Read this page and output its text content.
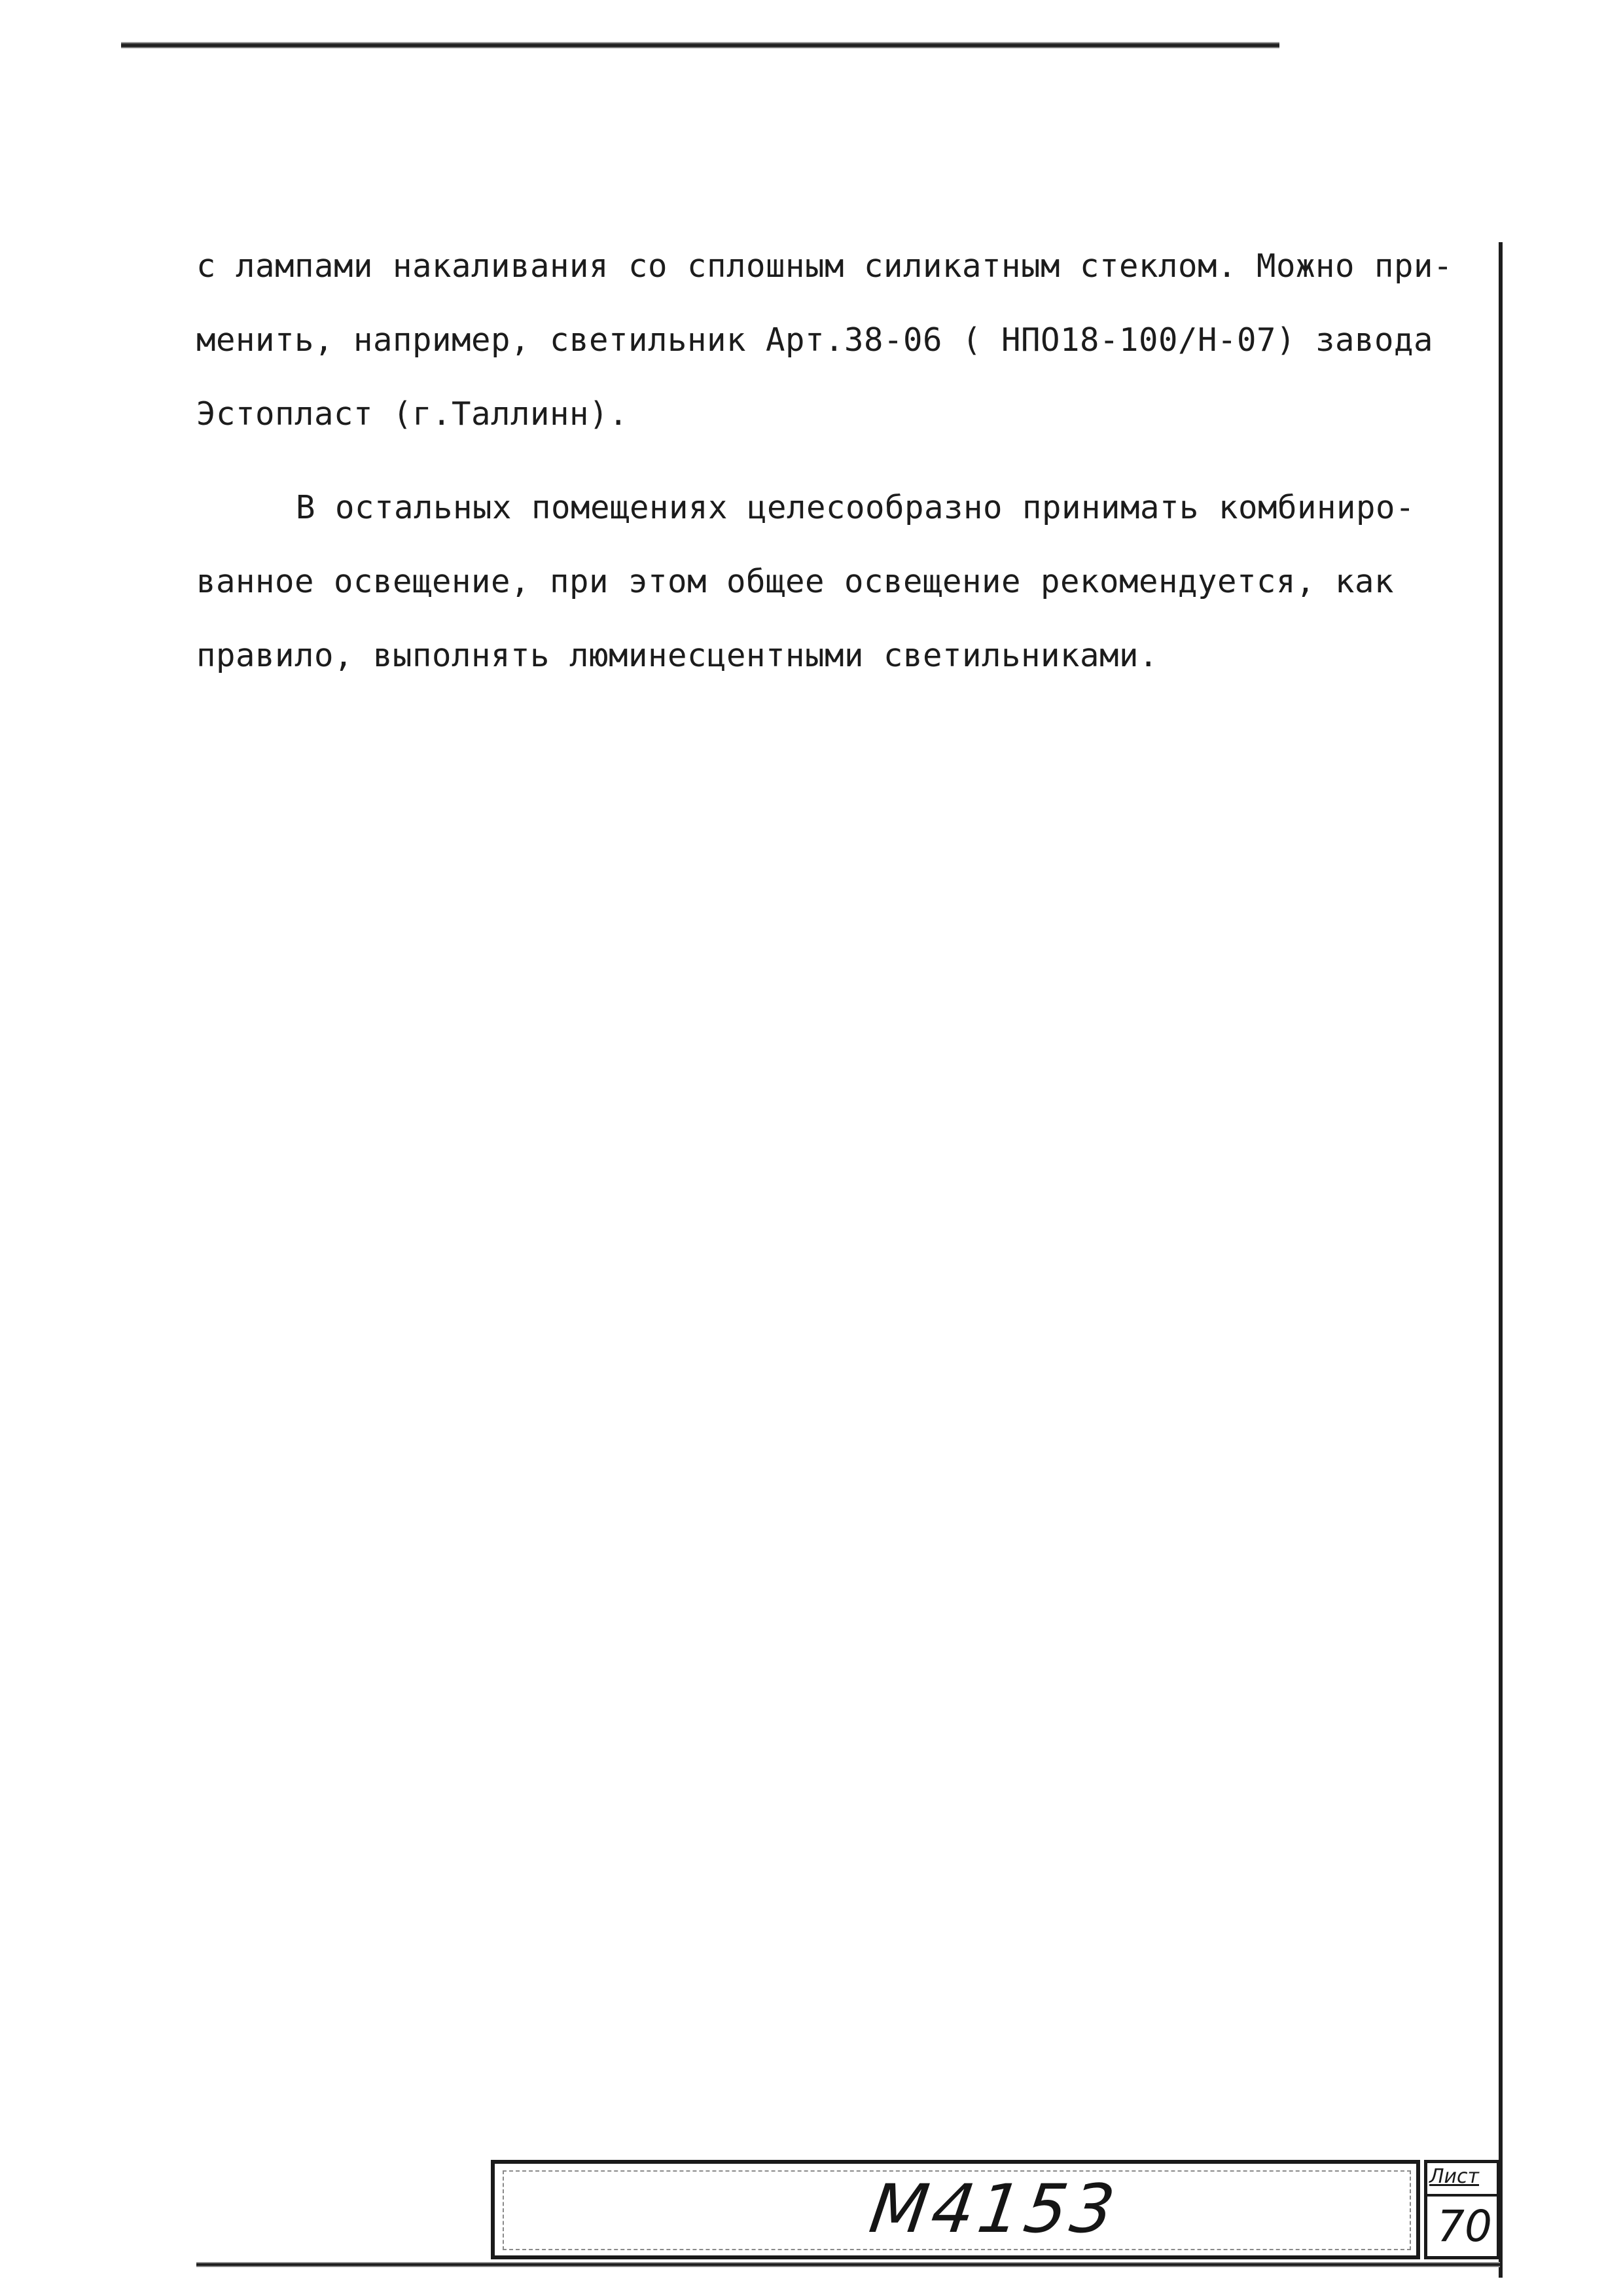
с лампами накаливания со сплошным силикатным стеклом. Можно при-
менить, например, светильник Арт.38-06 ( НПО18-100/Н-07) завода
Эстопласт (г.Таллинн).
В остальных помещениях целесообразно принимать комбиниро-
ванное освещение, при этом общее освещение рекомендуется, как
правило, выполнять люминесцентными светильниками.
M4153	Лист
70
